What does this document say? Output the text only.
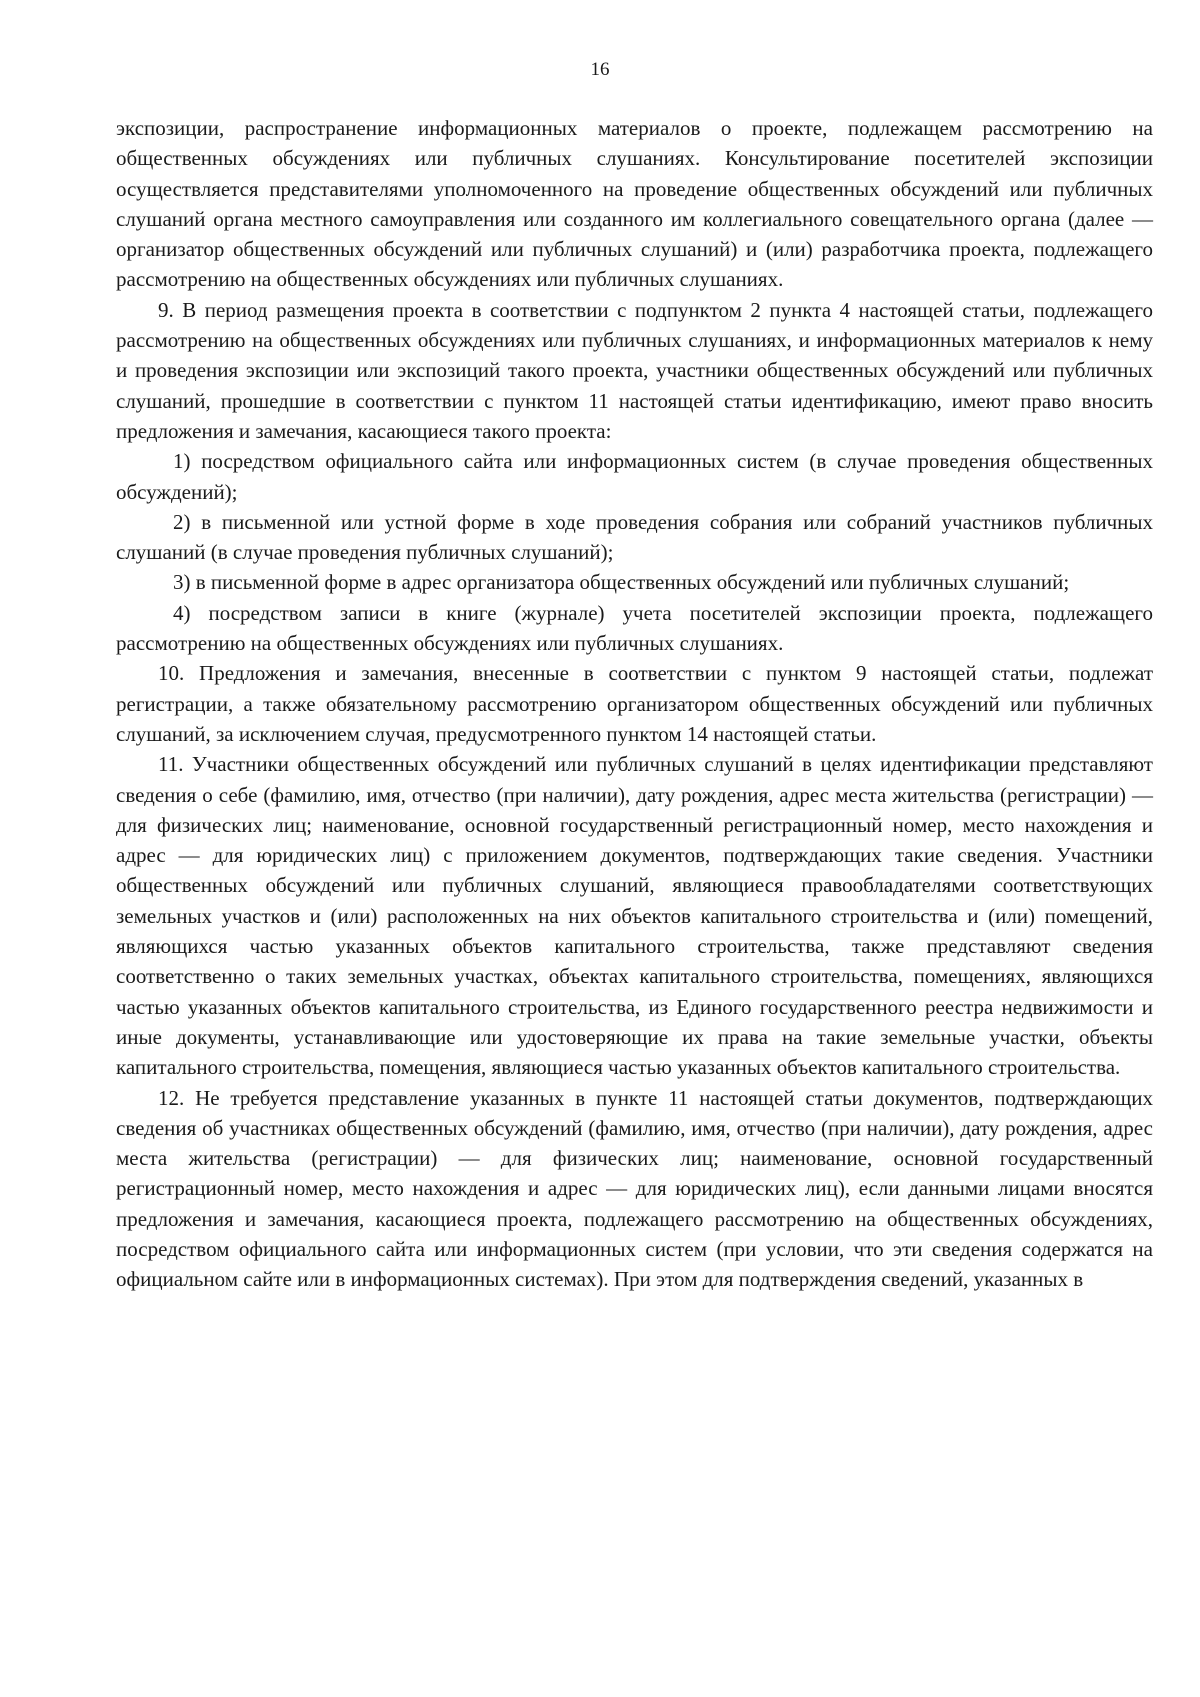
16

экспозиции, распространение информационных материалов о проекте, подлежащем рассмотрению на общественных обсуждениях или публичных слушаниях. Консультирование посетителей экспозиции осуществляется представителями уполномоченного на проведение общественных обсуждений или публичных слушаний органа местного самоуправления или созданного им коллегиального совещательного органа (далее — организатор общественных обсуждений или публичных слушаний) и (или) разработчика проекта, подлежащего рассмотрению на общественных обсуждениях или публичных слушаниях.

9. В период размещения проекта в соответствии с подпунктом 2 пункта 4 настоящей статьи, подлежащего рассмотрению на общественных обсуждениях или публичных слушаниях, и информационных материалов к нему и проведения экспозиции или экспозиций такого проекта, участники общественных обсуждений или публичных слушаний, прошедшие в соответствии с пунктом 11 настоящей статьи идентификацию, имеют право вносить предложения и замечания, касающиеся такого проекта:

1) посредством официального сайта или информационных систем (в случае проведения общественных обсуждений);

2) в письменной или устной форме в ходе проведения собрания или собраний участников публичных слушаний (в случае проведения публичных слушаний);

3) в письменной форме в адрес организатора общественных обсуждений или публичных слушаний;

4) посредством записи в книге (журнале) учета посетителей экспозиции проекта, подлежащего рассмотрению на общественных обсуждениях или публичных слушаниях.

10. Предложения и замечания, внесенные в соответствии с пунктом 9 настоящей статьи, подлежат регистрации, а также обязательному рассмотрению организатором общественных обсуждений или публичных слушаний, за исключением случая, предусмотренного пунктом 14 настоящей статьи.

11. Участники общественных обсуждений или публичных слушаний в целях идентификации представляют сведения о себе (фамилию, имя, отчество (при наличии), дату рождения, адрес места жительства (регистрации) — для физических лиц; наименование, основной государственный регистрационный номер, место нахождения и адрес — для юридических лиц) с приложением документов, подтверждающих такие сведения. Участники общественных обсуждений или публичных слушаний, являющиеся правообладателями соответствующих земельных участков и (или) расположенных на них объектов капитального строительства и (или) помещений, являющихся частью указанных объектов капитального строительства, также представляют сведения соответственно о таких земельных участках, объектах капитального строительства, помещениях, являющихся частью указанных объектов капитального строительства, из Единого государственного реестра недвижимости и иные документы, устанавливающие или удостоверяющие их права на такие земельные участки, объекты капитального строительства, помещения, являющиеся частью указанных объектов капитального строительства.

12. Не требуется представление указанных в пункте 11 настоящей статьи документов, подтверждающих сведения об участниках общественных обсуждений (фамилию, имя, отчество (при наличии), дату рождения, адрес места жительства (регистрации) — для физических лиц; наименование, основной государственный регистрационный номер, место нахождения и адрес — для юридических лиц), если данными лицами вносятся предложения и замечания, касающиеся проекта, подлежащего рассмотрению на общественных обсуждениях, посредством официального сайта или информационных систем (при условии, что эти сведения содержатся на официальном сайте или в информационных системах). При этом для подтверждения сведений, указанных в
